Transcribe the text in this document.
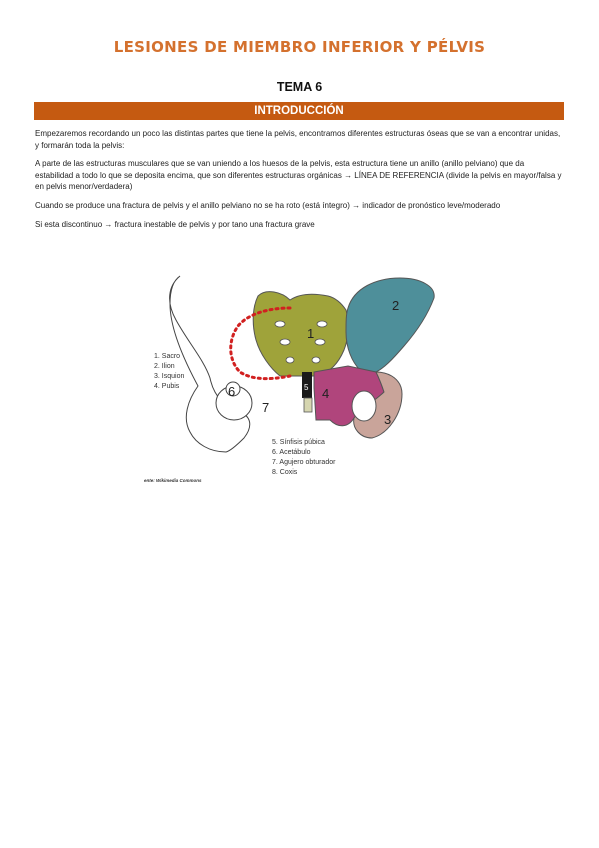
LESIONES DE MIEMBRO INFERIOR Y PÉLVIS
TEMA 6
INTRODUCCIÓN

Empezaremos recordando un poco las distintas partes que tiene la pelvis, encontramos diferentes estructuras óseas que se van a encontrar unidas, y formarán toda la pelvis:

A parte de las estructuras musculares que se van uniendo a los huesos de la pelvis, esta estructura tiene un anillo (anillo pelviano) que da estabilidad a todo lo que se deposita encima, que son diferentes estructuras orgánicas → LÍNEA DE REFERENCIA (divide la pelvis en mayor/falsa y en pelvis menor/verdadera)

Cuando se produce una fractura de pelvis y el anillo pelviano no se ha roto (está íntegro) → indicador de pronóstico leve/moderado

Si esta discontinuo → fractura inestable de pelvis y por tano una fractura grave

1
2
3
4
6
7
5
1. Sacro
2. Ilion
3. Isquion
4. Pubis
5. Sínfisis púbica
6. Acetábulo
7. Agujero obturador
8. Coxis
ente: Wikimedia Commons
